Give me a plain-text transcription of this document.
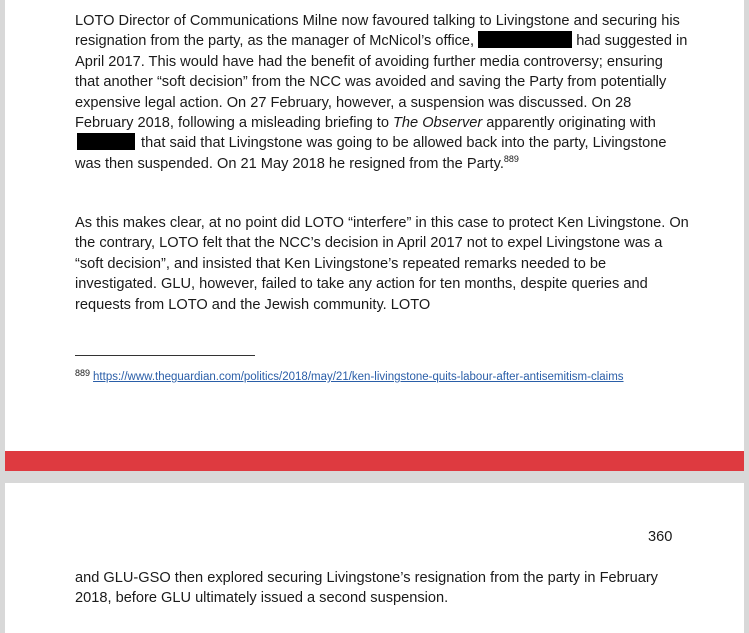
LOTO Director of Communications Milne now favoured talking to Livingstone and securing his resignation from the party, as the manager of McNicol’s office,	had suggested in April 2017. This would have had the benefit of avoiding further media controversy; ensuring that another “soft decision” from the NCC was avoided and saving the Party from potentially expensive legal action. On 27 February, however, a suspension was discussed. On 28 February 2018, following a misleading briefing to The Observer apparently originating with  that said that Livingstone was going to be allowed back into the party, Livingstone was then suspended. On 21 May 2018 he resigned from the Party.$^{889}$

As this makes clear, at no point did LOTO “interfere” in this case to protect Ken Livingstone. On the contrary, LOTO felt that the NCC’s decision in April 2017 not to expel Livingstone was a “soft decision”, and insisted that Ken Livingstone’s repeated remarks needed to be investigated. GLU, however, failed to take any action for ten months, despite queries and requests from LOTO and the Jewish community. LOTO

$^{889}$ https://www.theguardian.com/politics/2018/may/21/ken-livingstone-quits-labour-after-antisemitism-claims
360

and GLU-GSO then explored securing Livingstone’s resignation from the party in February 2018, before GLU ultimately issued a second suspension.
